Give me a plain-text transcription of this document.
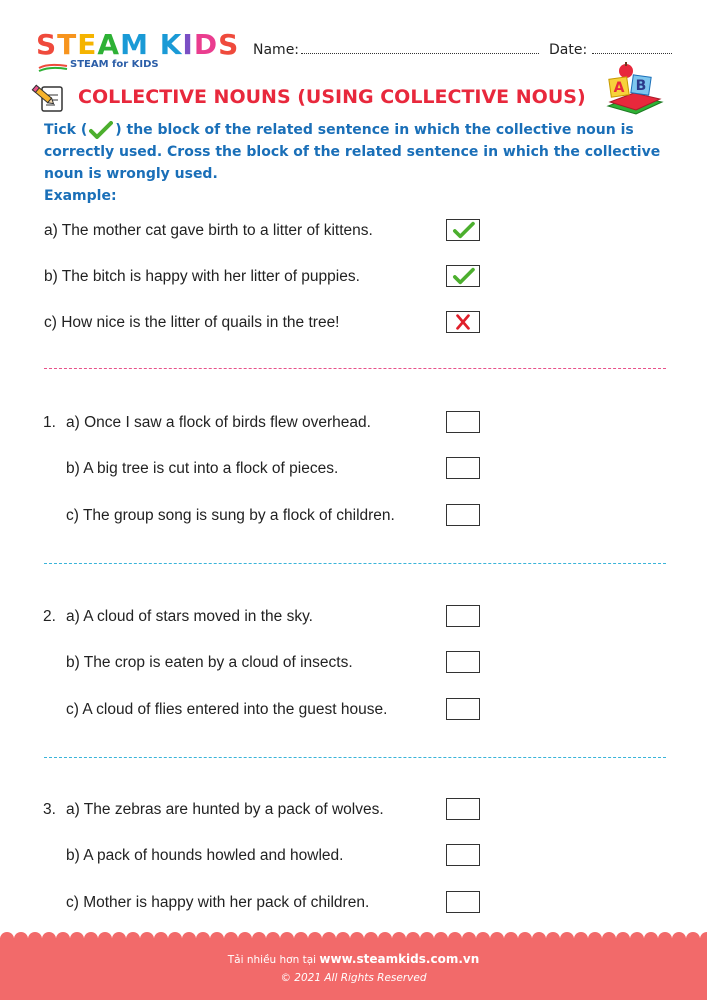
STEAM KIDS
STEAM for KIDS
Name:	Date:
COLLECTIVE NOUNS (USING COLLECTIVE NOUS) A B
Tick ( ) the block of the related sentence in which the collective noun is correctly used. Cross the block of the related sentence in which the collective noun is wrongly used.
Example:
a) The mother cat gave birth to a litter of kittens.
b) The bitch is happy with her litter of puppies.
c) How nice is the litter of quails in the tree!
1. a) Once I saw a flock of birds flew overhead.
b) A big tree is cut into a flock of pieces.
c) The group song is sung by a flock of children.
2. a) A cloud of stars moved in the sky.
b) The crop is eaten by a cloud of insects.
c) A cloud of flies entered into the guest house.
3. a) The zebras are hunted by a pack of wolves.
b) A pack of hounds howled and howled.
c) Mother is happy with her pack of children.
Tải nhiều hơn tại www.steamkids.com.vn
© 2021 All Rights Reserved
